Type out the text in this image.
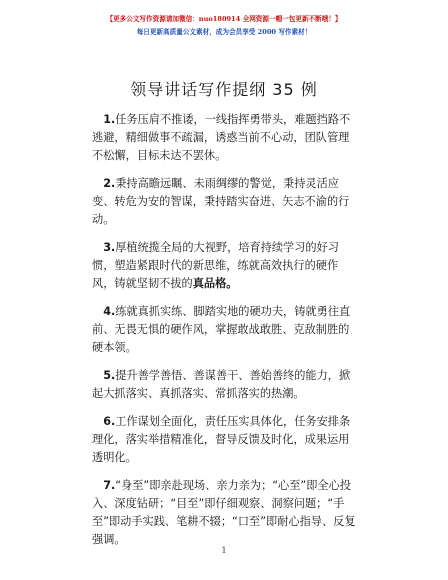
【更多公文写作资源请加微信：nuo180914 全网资源一帽一包更新不断哦！】
每日更新高质量公文素材，成为会员享受 2000 写作素材！
领导讲话写作提纲 35 例

1.任务压肩不推诿，一线指挥勇带头，难题挡路不逃避，精细做事不疏漏，诱惑当前不心动，团队管理不松懈，目标未达不罢休。

2.秉持高瞻远瞩、未雨绸缪的警觉，秉持灵活应变、转危为安的智谋，秉持踏实奋进、矢志不渝的行动。

3.厚植统揽全局的大视野，培育持续学习的好习惯，塑造紧跟时代的新思维，练就高效执行的硬作风，铸就坚韧不拔的真品格。

4.练就真抓实练、脚踏实地的硬功夫，铸就勇往直前、无畏无惧的硬作风，掌握敢战敢胜、克敌制胜的硬本领。

5.提升善学善悟、善谋善干、善始善终的能力，掀起大抓落实、真抓落实、常抓落实的热潮。

6.工作谋划全面化，责任压实具体化，任务安排条理化，落实举措精准化，督导反馈及时化，成果运用透明化。

7.“身至”即亲赴现场、亲力亲为；“心至”即全心投入、深度钻研；“目至”即仔细观察、洞察问题；“手至”即动手实践、笔耕不辍；“口至”即耐心指导、反复强调。

1
